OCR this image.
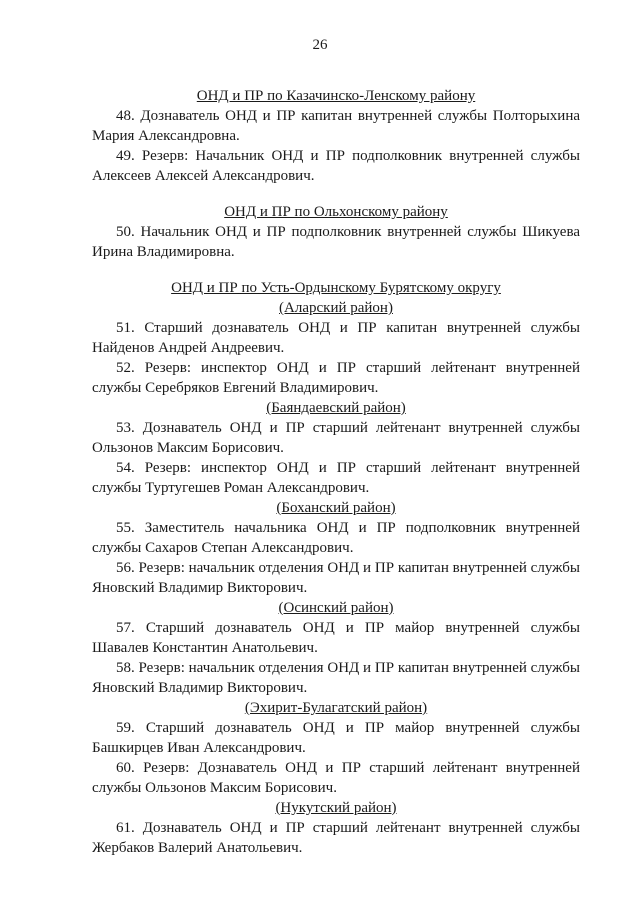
26
ОНД и ПР по Казачинско-Ленскому району

48. Дознаватель ОНД и ПР капитан внутренней службы Полторыхина Мария Александровна.

49. Резерв: Начальник ОНД и ПР подполковник внутренней службы Алексеев Алексей Александрович.

ОНД и ПР по Ольхонскому району

50. Начальник ОНД и ПР подполковник внутренней службы Шикуева Ирина Владимировна.

ОНД и ПР по Усть-Ордынскому Бурятскому округу
(Аларский район)

51. Старший дознаватель ОНД и ПР капитан внутренней службы Найденов Андрей Андреевич.

52. Резерв: инспектор ОНД и ПР старший лейтенант внутренней службы Серебряков Евгений Владимирович.

(Баяндаевский район)

53. Дознаватель ОНД и ПР старший лейтенант внутренней службы Ользонов Максим Борисович.

54. Резерв: инспектор ОНД и ПР старший лейтенант внутренней службы Туртугешев Роман Александрович.

(Боханский район)

55. Заместитель начальника ОНД и ПР подполковник внутренней службы Сахаров Степан Александрович.

56. Резерв: начальник отделения ОНД и ПР капитан внутренней службы Яновский Владимир Викторович.

(Осинский район)

57. Старший дознаватель ОНД и ПР майор внутренней службы Шавалев Константин Анатольевич.

58. Резерв: начальник отделения ОНД и ПР капитан внутренней службы Яновский Владимир Викторович.

(Эхирит-Булагатский район)

59. Старший дознаватель ОНД и ПР майор внутренней службы Башкирцев Иван Александрович.

60. Резерв: Дознаватель ОНД и ПР старший лейтенант внутренней службы Ользонов Максим Борисович.

(Нукутский район)

61. Дознаватель ОНД и ПР старший лейтенант внутренней службы Жербаков Валерий Анатольевич.
